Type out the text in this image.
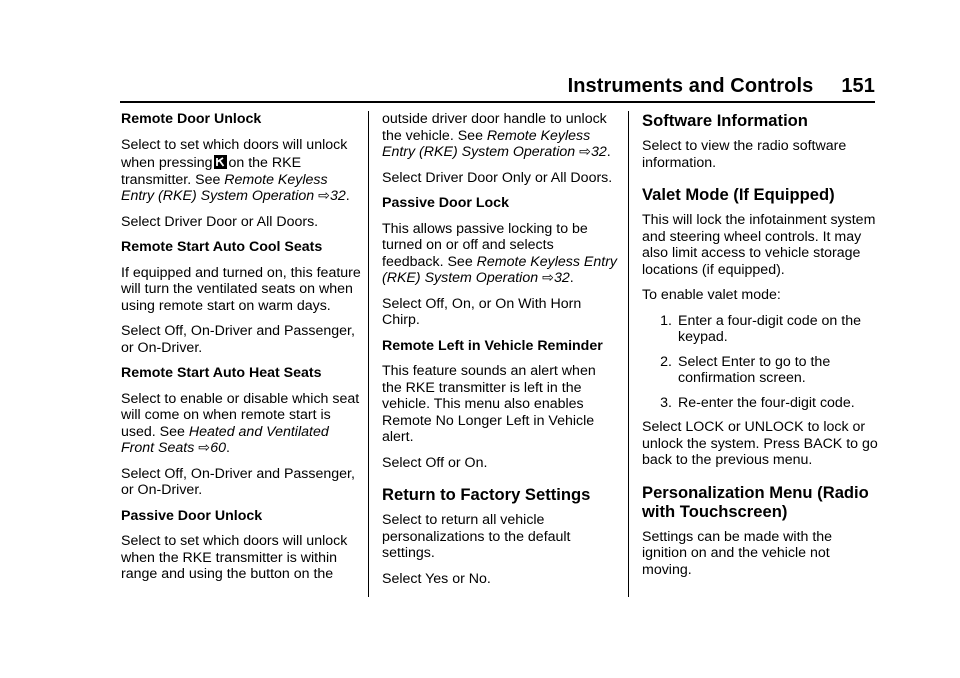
Instruments and Controls 151

Remote Door Unlock

Select to set which doors will unlock
when pressing on the RKE
transmitter. See Remote Keyless Entry (RKE) System Operation ⇨32.

Select Driver Door or All Doors.

Remote Start Auto Cool Seats

If equipped and turned on, this feature will turn the ventilated seats on when using remote start on warm days.

Select Off, On-Driver and Passenger, or On-Driver.

Remote Start Auto Heat Seats

Select to enable or disable which seat will come on when remote start is used. See Heated and Ventilated Front Seats ⇨60.

Select Off, On-Driver and Passenger, or On-Driver.

Passive Door Unlock

Select to set which doors will unlock when the RKE transmitter is within range and using the button on the

outside driver door handle to unlock the vehicle. See Remote Keyless Entry (RKE) System Operation ⇨32.

Select Driver Door Only or All Doors.

Passive Door Lock

This allows passive locking to be turned on or off and selects feedback. See Remote Keyless Entry (RKE) System Operation ⇨32.

Select Off, On, or On With Horn Chirp.

Remote Left in Vehicle Reminder

This feature sounds an alert when the RKE transmitter is left in the vehicle. This menu also enables Remote No Longer Left in Vehicle alert.

Select Off or On.

Return to Factory Settings

Select to return all vehicle personalizations to the default settings.

Select Yes or No.

Software Information

Select to view the radio software information.

Valet Mode (If Equipped)

This will lock the infotainment system and steering wheel controls. It may also limit access to vehicle storage locations (if equipped).

To enable valet mode:

1. Enter a four-digit code on the keypad.
2. Select Enter to go to the confirmation screen.
3. Re-enter the four-digit code.

Select LOCK or UNLOCK to lock or unlock the system. Press BACK to go back to the previous menu.

Personalization Menu (Radio with Touchscreen)

Settings can be made with the ignition on and the vehicle not moving.
